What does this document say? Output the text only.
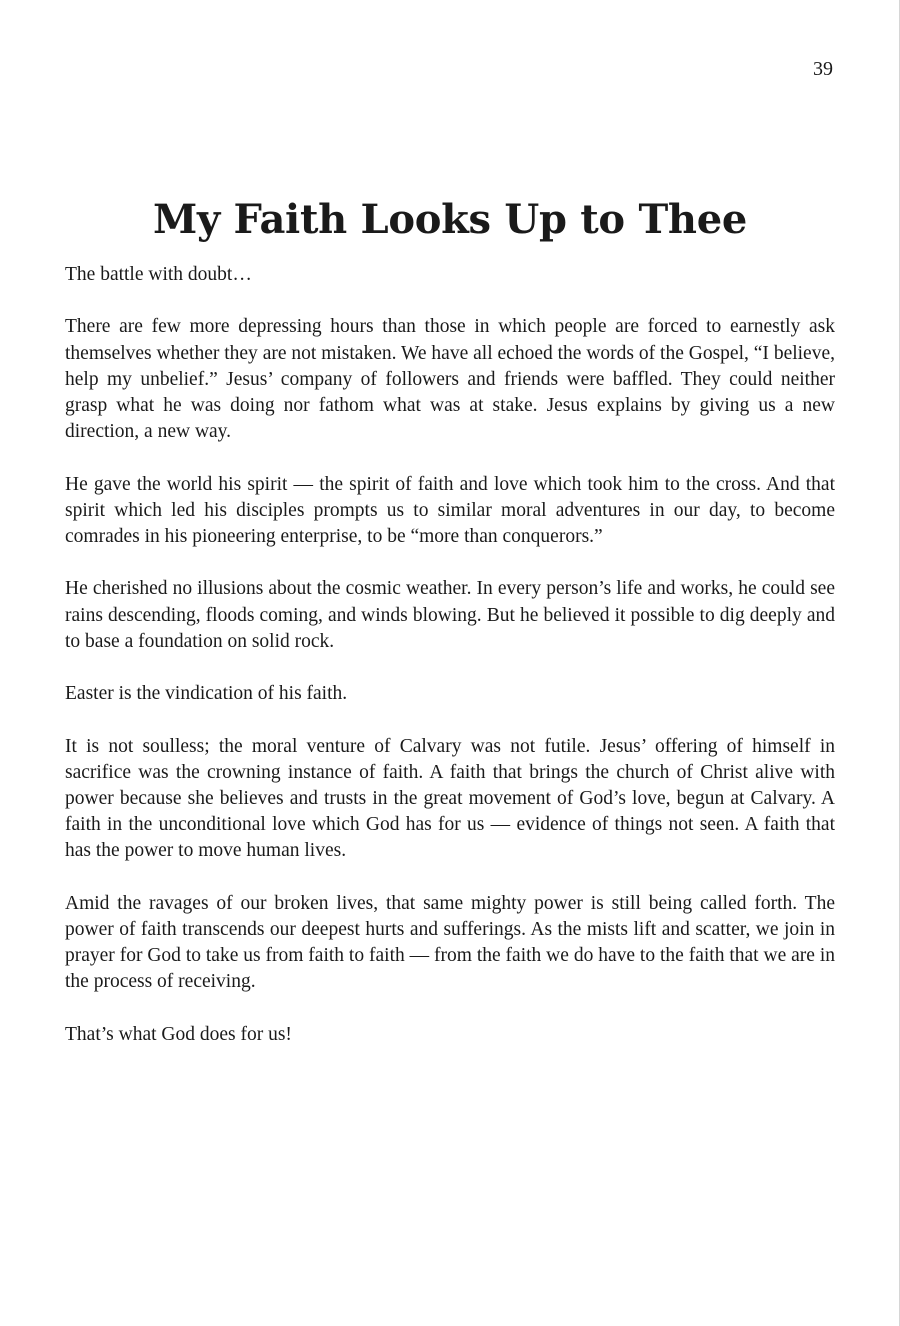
39
My Faith Looks Up to Thee

The battle with doubt…

There are few more depressing hours than those in which people are forced to earnestly ask themselves whether they are not mistaken. We have all echoed the words of the Gospel, “I believe, help my unbelief.” Jesus’ company of followers and friends were baffled. They could neither grasp what he was doing nor fathom what was at stake. Jesus explains by giving us a new direction, a new way.

He gave the world his spirit — the spirit of faith and love which took him to the cross. And that spirit which led his disciples prompts us to similar moral adventures in our day, to become comrades in his pioneering enterprise, to be “more than conquerors.”

He cherished no illusions about the cosmic weather. In every person’s life and works, he could see rains descending, floods coming, and winds blowing. But he believed it possible to dig deeply and to base a foundation on solid rock.

Easter is the vindication of his faith.

It is not soulless; the moral venture of Calvary was not futile. Jesus’ offering of himself in sacrifice was the crowning instance of faith. A faith that brings the church of Christ alive with power because she believes and trusts in the great movement of God’s love, begun at Calvary. A faith in the unconditional love which God has for us — evidence of things not seen. A faith that has the power to move human lives.

Amid the ravages of our broken lives, that same mighty power is still being called forth. The power of faith transcends our deepest hurts and sufferings. As the mists lift and scatter, we join in prayer for God to take us from faith to faith — from the faith we do have to the faith that we are in the process of receiving.

That’s what God does for us!
